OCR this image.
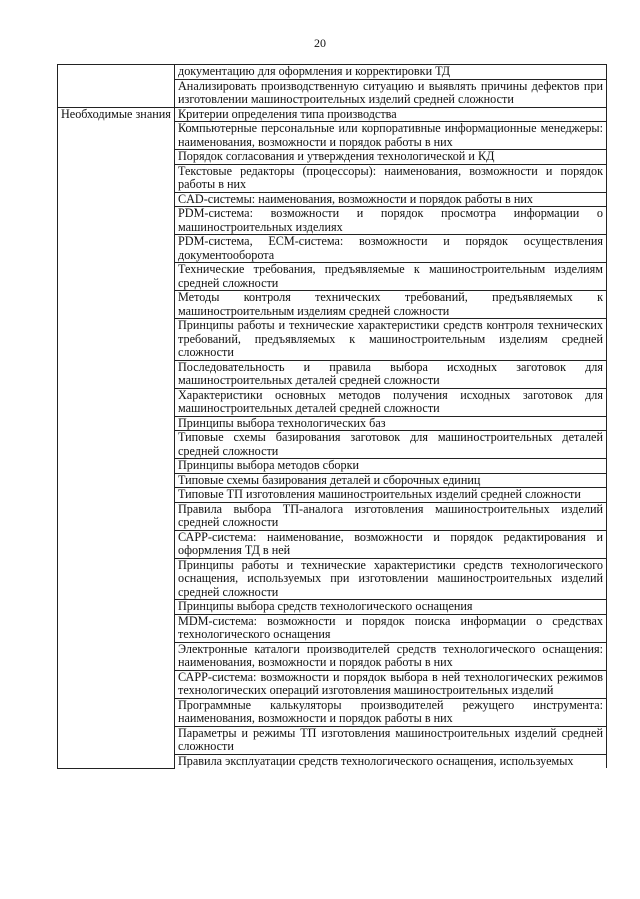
20
	документацию для оформления и корректировки ТД
	Анализировать производственную ситуацию и выявлять причины дефектов при изготовлении машиностроительных изделий средней сложности
Необходимые знания	Критерии определения типа производства
	Компьютерные персональные или корпоративные информационные менеджеры: наименования, возможности и порядок работы в них
	Порядок согласования и утверждения технологической и КД
	Текстовые редакторы (процессоры): наименования, возможности и порядок работы в них
	CAD-системы: наименования, возможности и порядок работы в них
	PDM-система: возможности и порядок просмотра информации о машиностроительных изделиях
	PDM-система, ECM-система: возможности и порядок осуществления документооборота
	Технические требования, предъявляемые к машиностроительным изделиям средней сложности
	Методы контроля технических требований, предъявляемых к машиностроительным изделиям средней сложности
	Принципы работы и технические характеристики средств контроля технических требований, предъявляемых к машиностроительным изделиям средней сложности
	Последовательность и правила выбора исходных заготовок для машиностроительных деталей средней сложности
	Характеристики основных методов получения исходных заготовок для машиностроительных деталей средней сложности
	Принципы выбора технологических баз
	Типовые схемы базирования заготовок для машиностроительных деталей средней сложности
	Принципы выбора методов сборки
	Типовые схемы базирования деталей и сборочных единиц
	Типовые ТП изготовления машиностроительных изделий средней сложности
	Правила выбора ТП-аналога изготовления машиностроительных изделий средней сложности
	САРР-система: наименование, возможности и порядок редактирования и оформления ТД в ней
	Принципы работы и технические характеристики средств технологического оснащения, используемых при изготовлении машиностроительных изделий средней сложности
	Принципы выбора средств технологического оснащения
	MDM-система: возможности и порядок поиска информации о средствах технологического оснащения
	Электронные каталоги производителей средств технологического оснащения: наименования, возможности и порядок работы в них
	САРР-система: возможности и порядок выбора в ней технологических режимов технологических операций изготовления машиностроительных изделий
	Программные калькуляторы производителей режущего инструмента: наименования, возможности и порядок работы в них
	Параметры и режимы ТП изготовления машиностроительных изделий средней сложности
	Правила эксплуатации средств технологического оснащения, используемых
